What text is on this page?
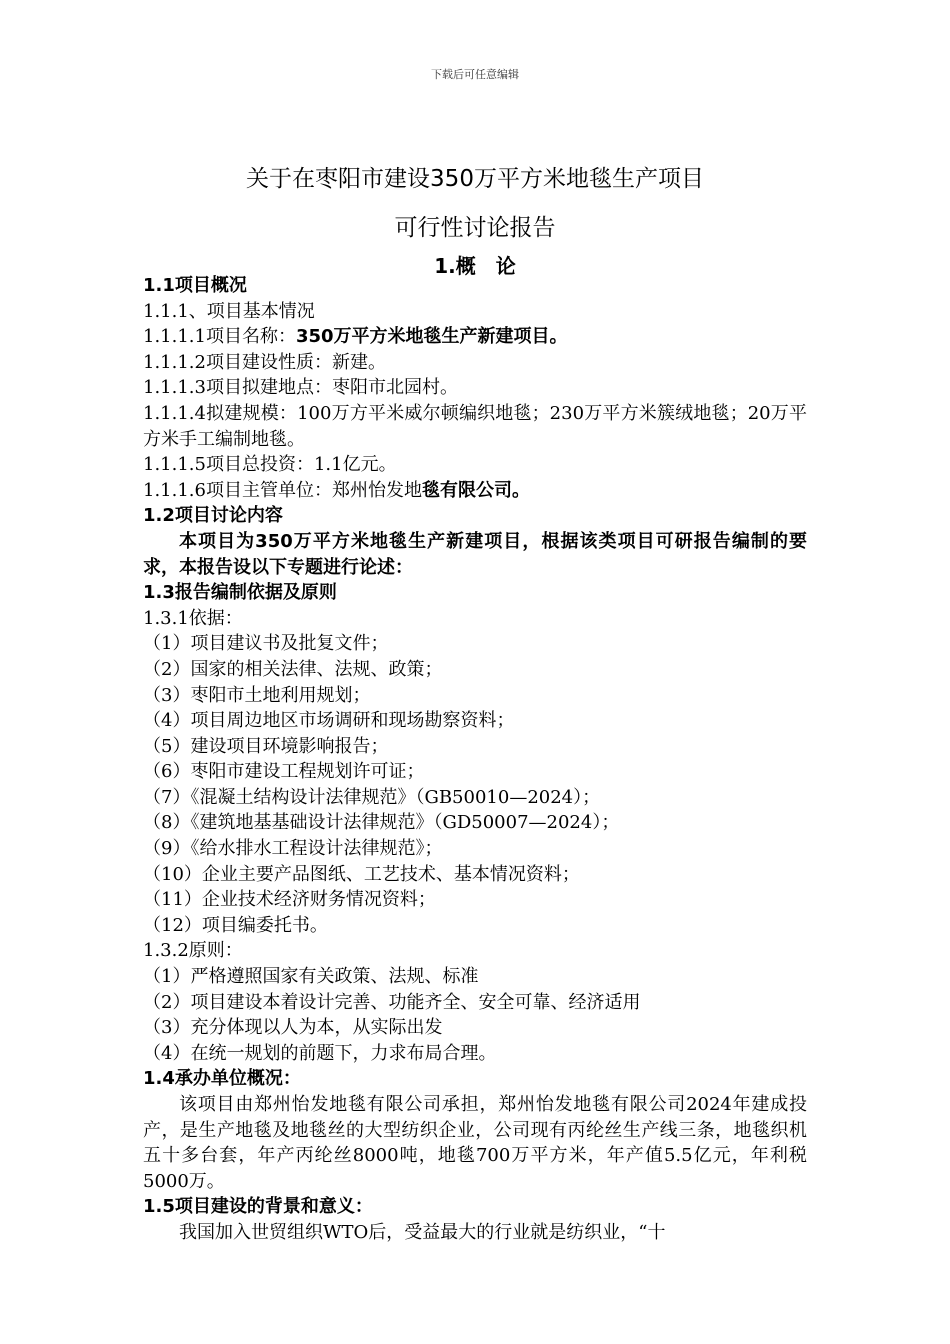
下载后可任意编辑
关于在枣阳市建设350万平方米地毯生产项目
可行性讨论报告
1.概　论
1.1项目概况
1.1.1、项目基本情况
1.1.1.1项目名称：350万平方米地毯生产新建项目。
1.1.1.2项目建设性质：新建。
1.1.1.3项目拟建地点：枣阳市北园村。
1.1.1.4拟建规模：100万方平米威尔顿编织地毯；230万平方米簇绒地毯；20万平方米手工编制地毯。
1.1.1.5项目总投资：1.1亿元。
1.1.1.6项目主管单位：郑州怡发地毯有限公司。
1.2项目讨论内容
本项目为350万平方米地毯生产新建项目，根据该类项目可研报告编制的要求，本报告设以下专题进行论述：
1.3报告编制依据及原则
1.3.1依据：
（1）项目建议书及批复文件；
（2）国家的相关法律、法规、政策；
（3）枣阳市土地利用规划；
（4）项目周边地区市场调研和现场勘察资料；
（5）建设项目环境影响报告；
（6）枣阳市建设工程规划许可证；
（7）《混凝土结构设计法律规范》（GB50010—2024）；
（8）《建筑地基基础设计法律规范》（GD50007—2024）；
（9）《给水排水工程设计法律规范》；
（10）企业主要产品图纸、工艺技术、基本情况资料；
（11）企业技术经济财务情况资料；
（12）项目编委托书。
1.3.2原则：
（1）严格遵照国家有关政策、法规、标准
（2）项目建设本着设计完善、功能齐全、安全可靠、经济适用
（3）充分体现以人为本，从实际出发
（4）在统一规划的前题下，力求布局合理。
1.4承办单位概况：
该项目由郑州怡发地毯有限公司承担，郑州怡发地毯有限公司2024年建成投产，是生产地毯及地毯丝的大型纺织企业，公司现有丙纶丝生产线三条，地毯织机五十多台套，年产丙纶丝8000吨，地毯700万平方米，年产值5.5亿元，年利税5000万。
1.5项目建设的背景和意义：
我国加入世贸组织WTO后，受益最大的行业就是纺织业，“十
